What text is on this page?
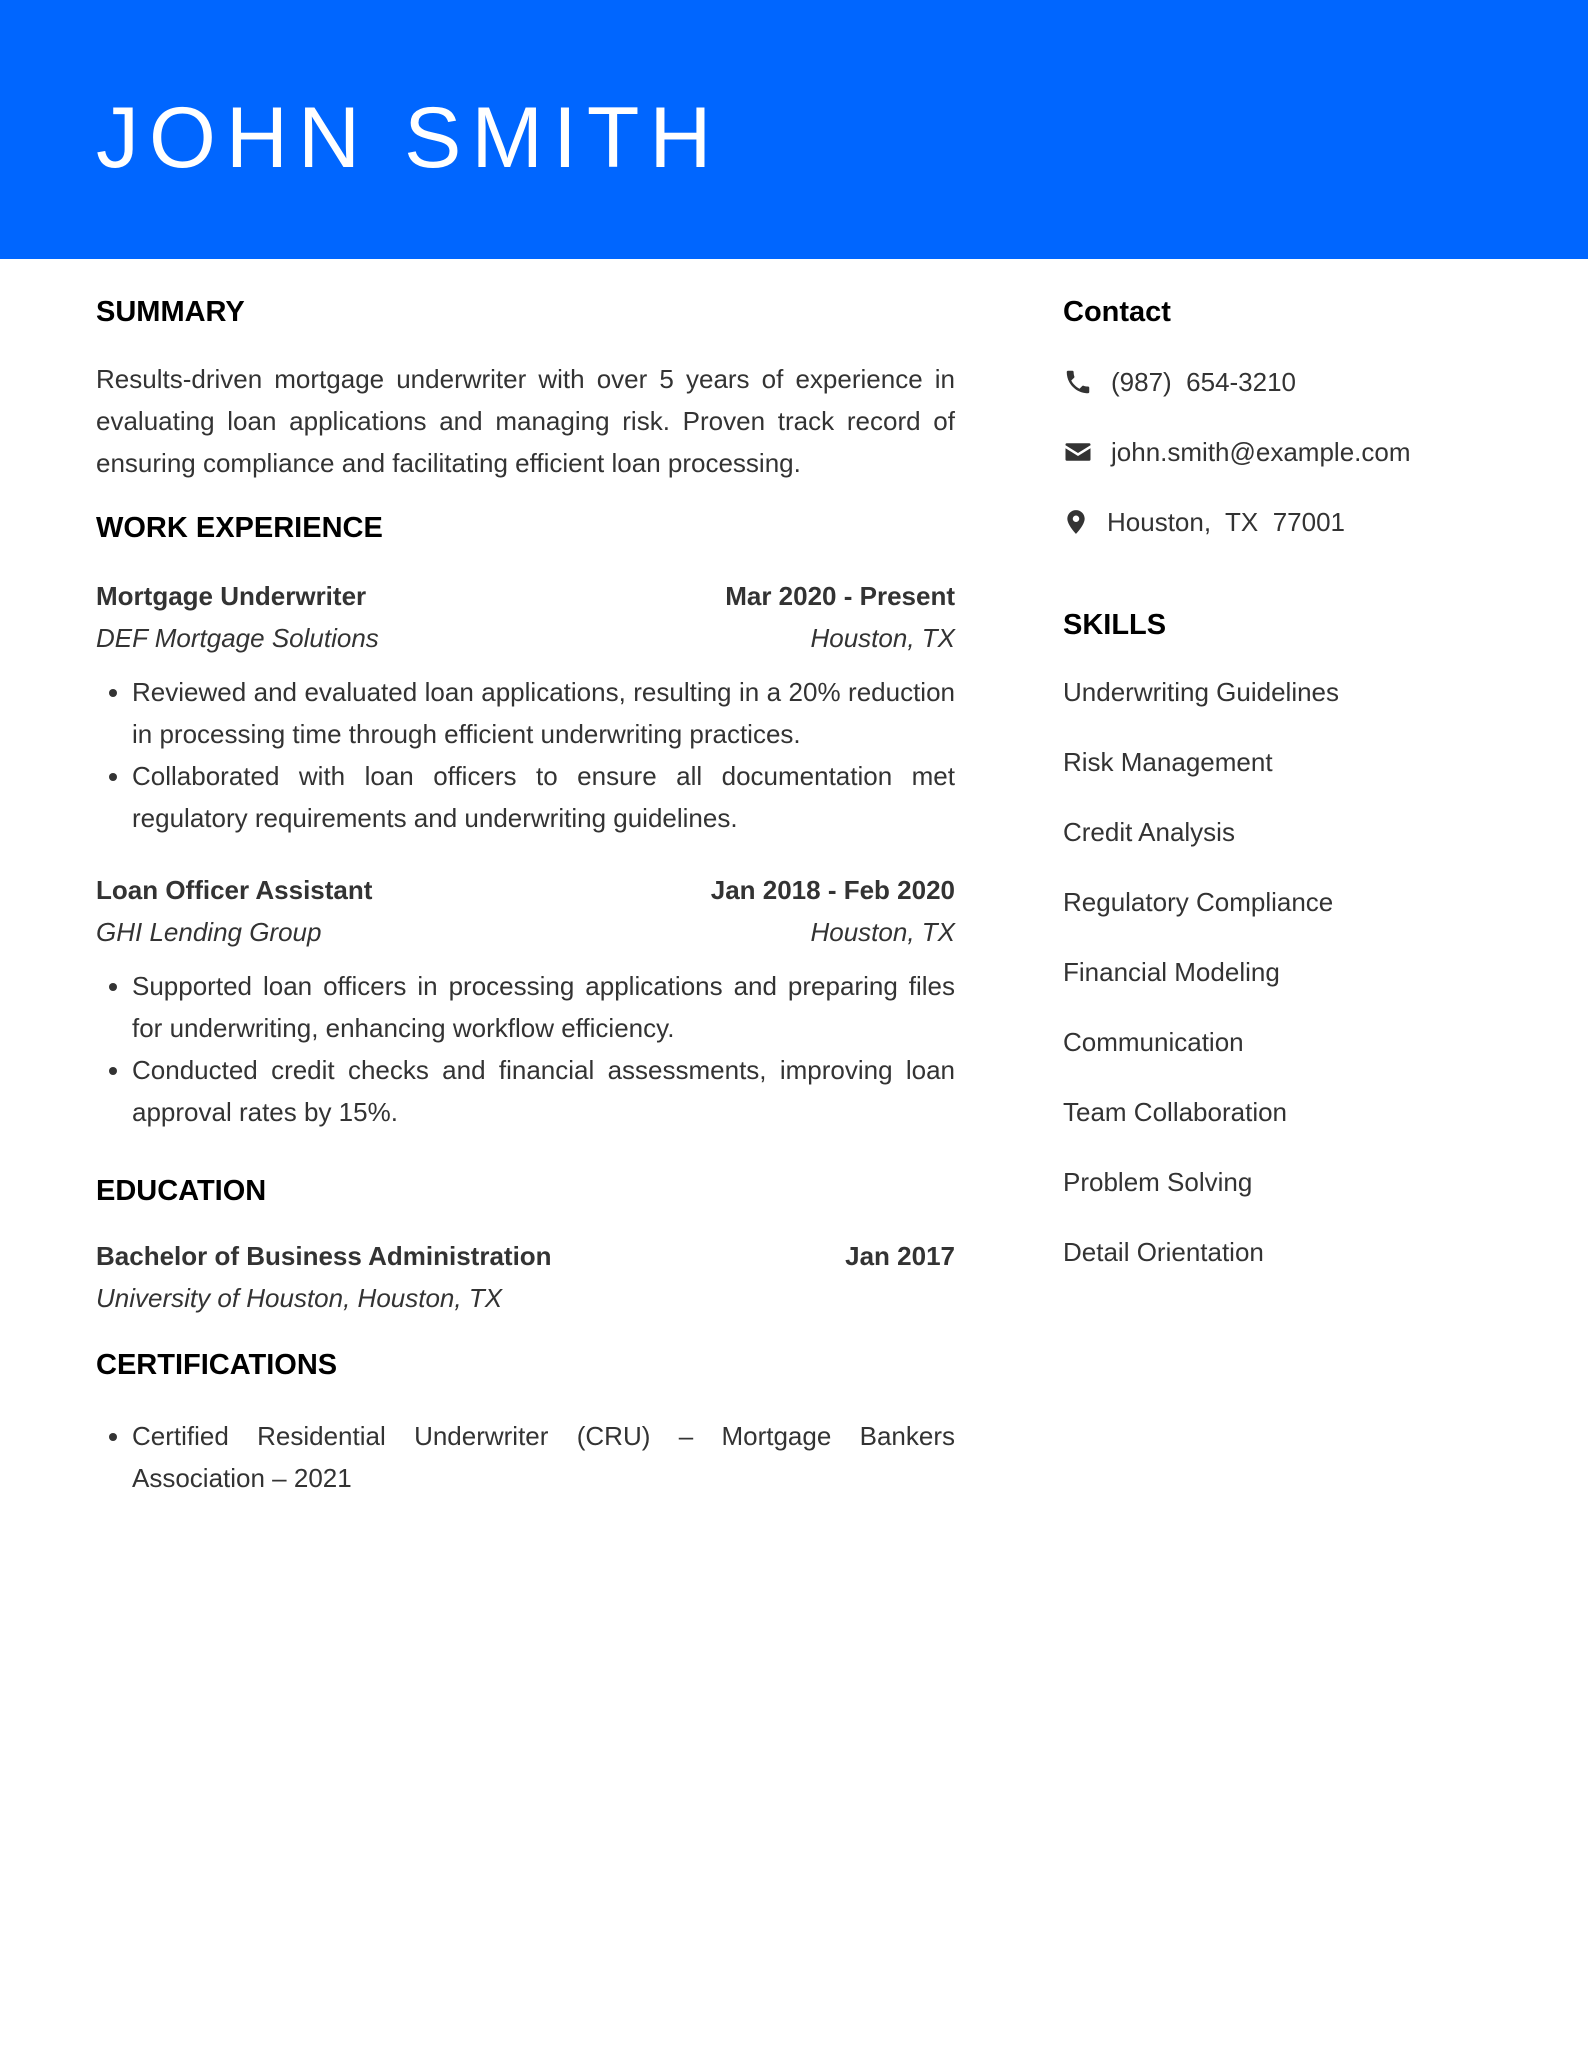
JOHN SMITH
SUMMARY

Results-driven mortgage underwriter with over 5 years of experience in evaluating loan applications and managing risk. Proven track record of ensuring compliance and facilitating efficient loan processing.

WORK EXPERIENCE
Mortgage Underwriter	Mar 2020 - Present
DEF Mortgage Solutions	Houston, TX
• Reviewed and evaluated loan applications, resulting in a 20% reduction in processing time through efficient underwriting practices.
• Collaborated with loan officers to ensure all documentation met regulatory requirements and underwriting guidelines.
Loan Officer Assistant	Jan 2018 - Feb 2020
GHI Lending Group	Houston, TX
• Supported loan officers in processing applications and preparing files for underwriting, enhancing workflow efficiency.
• Conducted credit checks and financial assessments, improving loan approval rates by 15%.
EDUCATION
Bachelor of Business Administration	Jan 2017
University of Houston, Houston, TX
CERTIFICATIONS
• Certified Residential Underwriter (CRU) – Mortgage Bankers Association – 2021
Contact
(987)  654-3210
john.smith@example.com
Houston,  TX  77001
SKILLS
Underwriting Guidelines
Risk Management
Credit Analysis
Regulatory Compliance
Financial Modeling
Communication
Team Collaboration
Problem Solving
Detail Orientation
